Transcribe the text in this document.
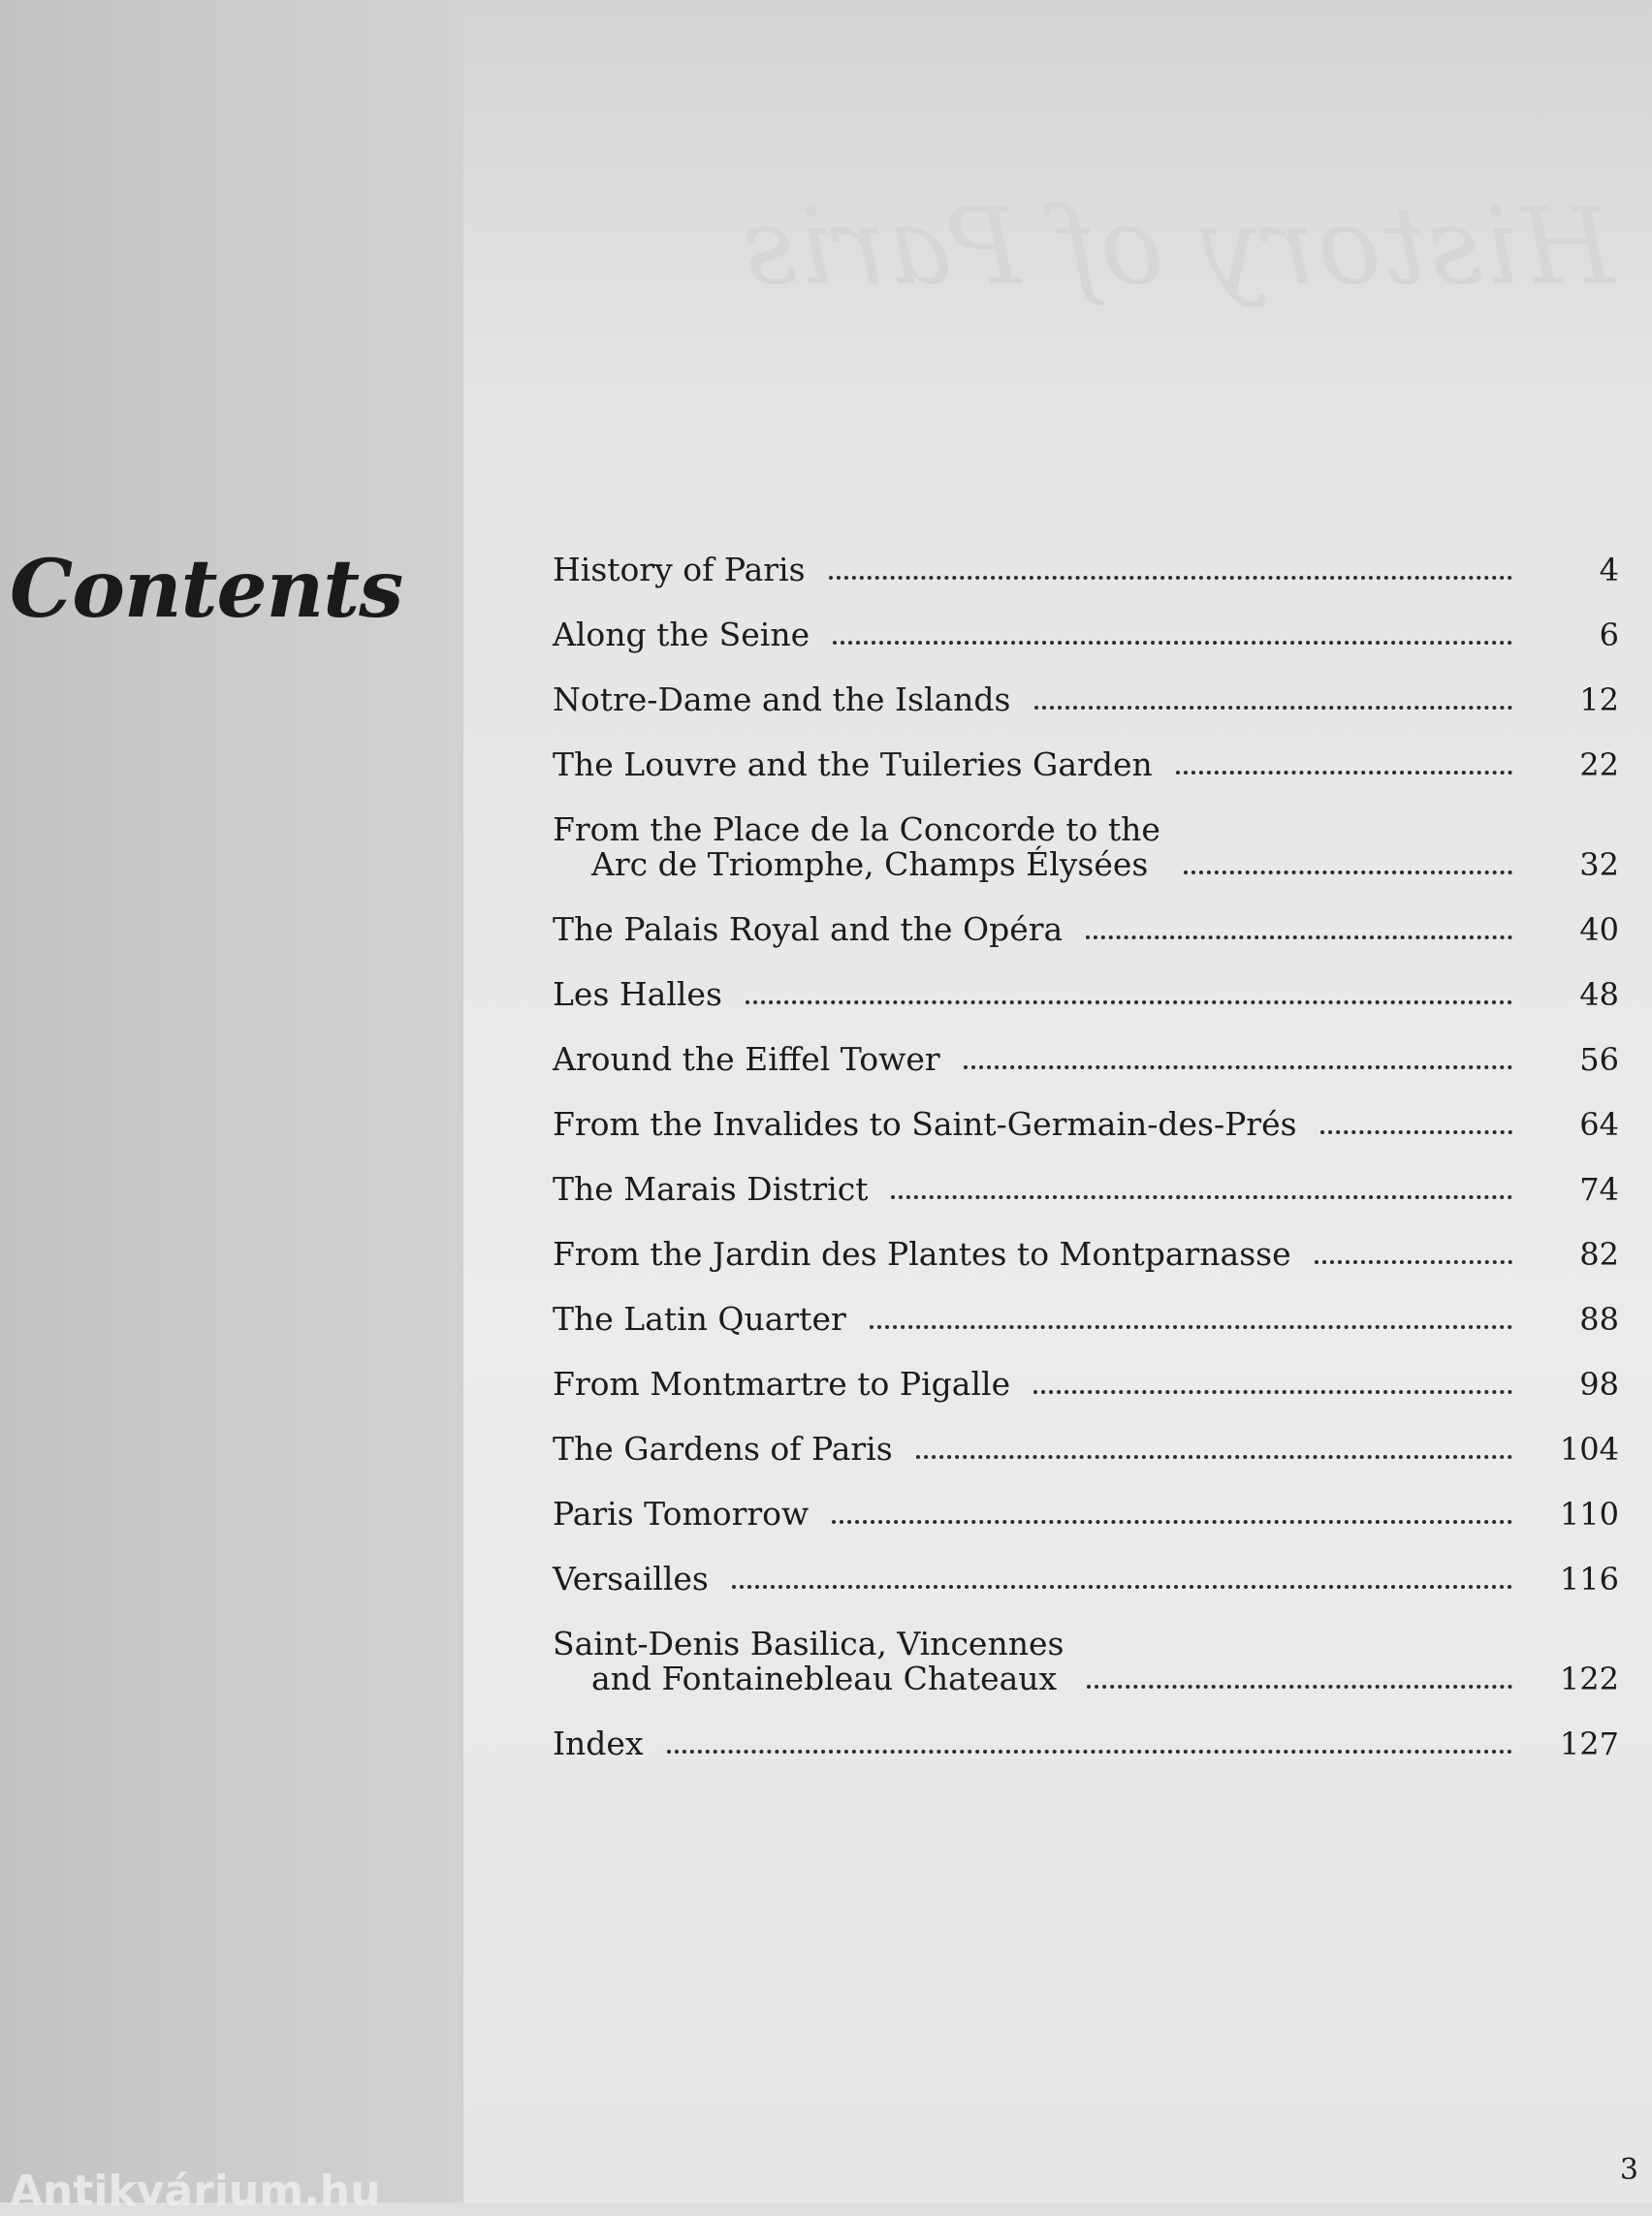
Antikvárium.hu
History of Paris
Contents	History of Paris	4
Along the Seine	6
Notre-Dame and the Islands	12
The Louvre and the Tuileries Garden	22
From the Place de la Concorde to the
Arc de Triomphe, Champs Élysées	32
The Palais Royal and the Opéra	40
Les Halles	48
Around the Eiffel Tower	56
From the Invalides to Saint-Germain-des-Prés	64
The Marais District	74
From the Jardin des Plantes to Montparnasse	82
The Latin Quarter	88
From Montmartre to Pigalle	98
The Gardens of Paris	104
Paris Tomorrow	110
Versailles	116
Saint-Denis Basilica, Vincennes
and Fontainebleau Chateaux	122
Index	127
3
